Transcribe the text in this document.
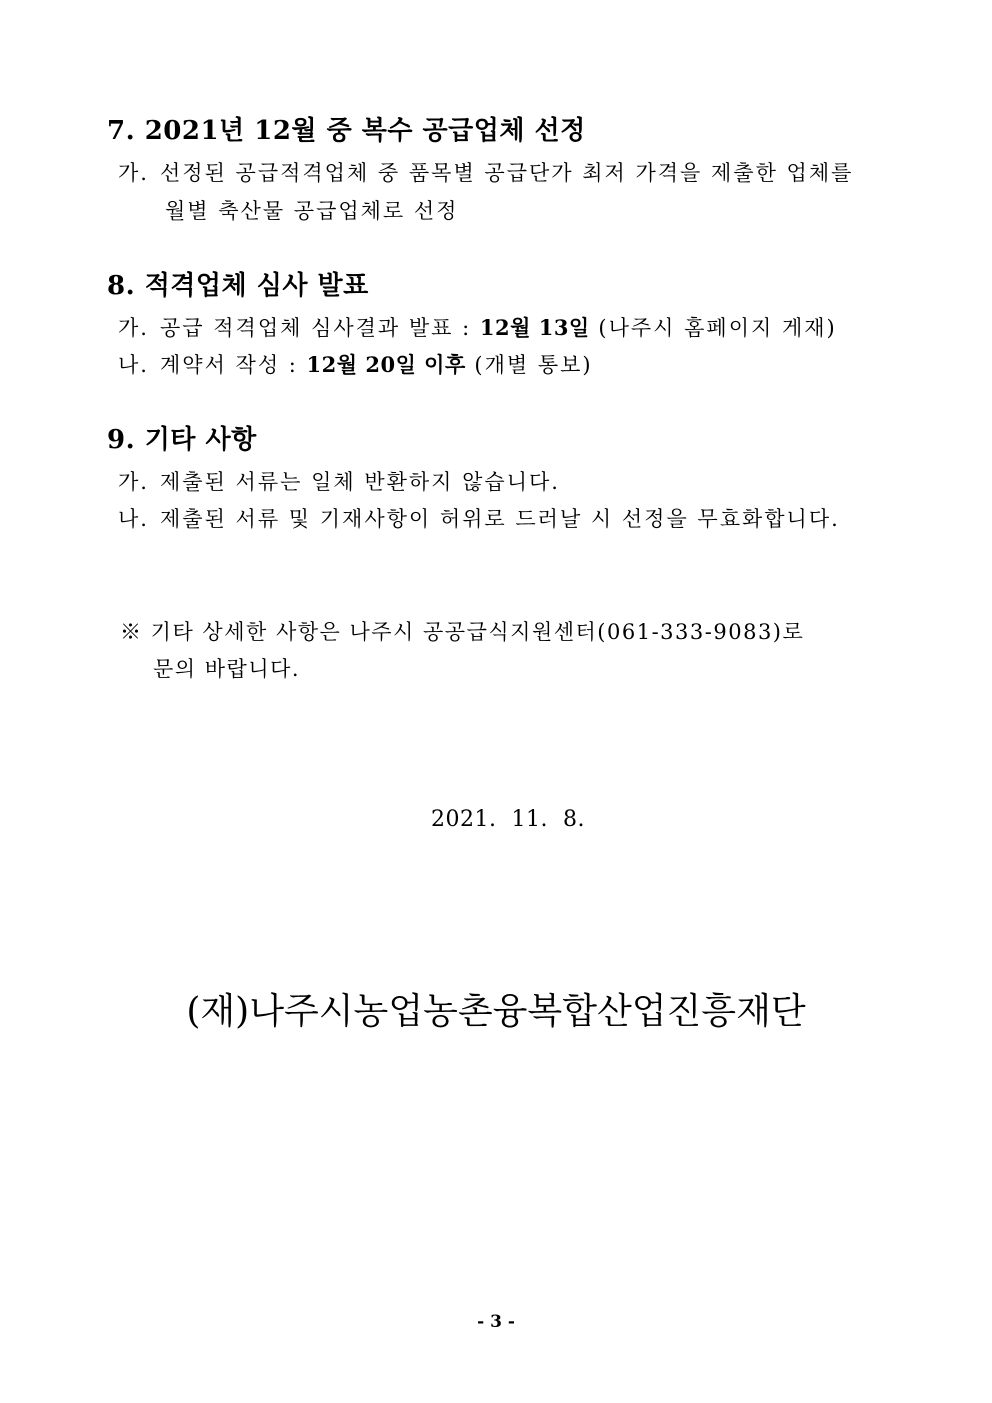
7. 2021년 12월 중 복수 공급업체 선정
가. 선정된 공급적격업체 중 품목별 공급단가 최저 가격을 제출한 업체를
월별 축산물 공급업체로 선정
8. 적격업체 심사 발표
가. 공급 적격업체 심사결과 발표 : 12월 13일 (나주시 홈페이지 게재)
나. 계약서 작성 : 12월 20일 이후 (개별 통보)
9. 기타 사항
가. 제출된 서류는 일체 반환하지 않습니다.
나. 제출된 서류 및 기재사항이 허위로 드러날 시 선정을 무효화합니다.
※ 기타 상세한 사항은 나주시 공공급식지원센터(061-333-9083)로
문의 바랍니다.
2021.  11.  8.
(재)나주시농업농촌융복합산업진흥재단
- 3 -
